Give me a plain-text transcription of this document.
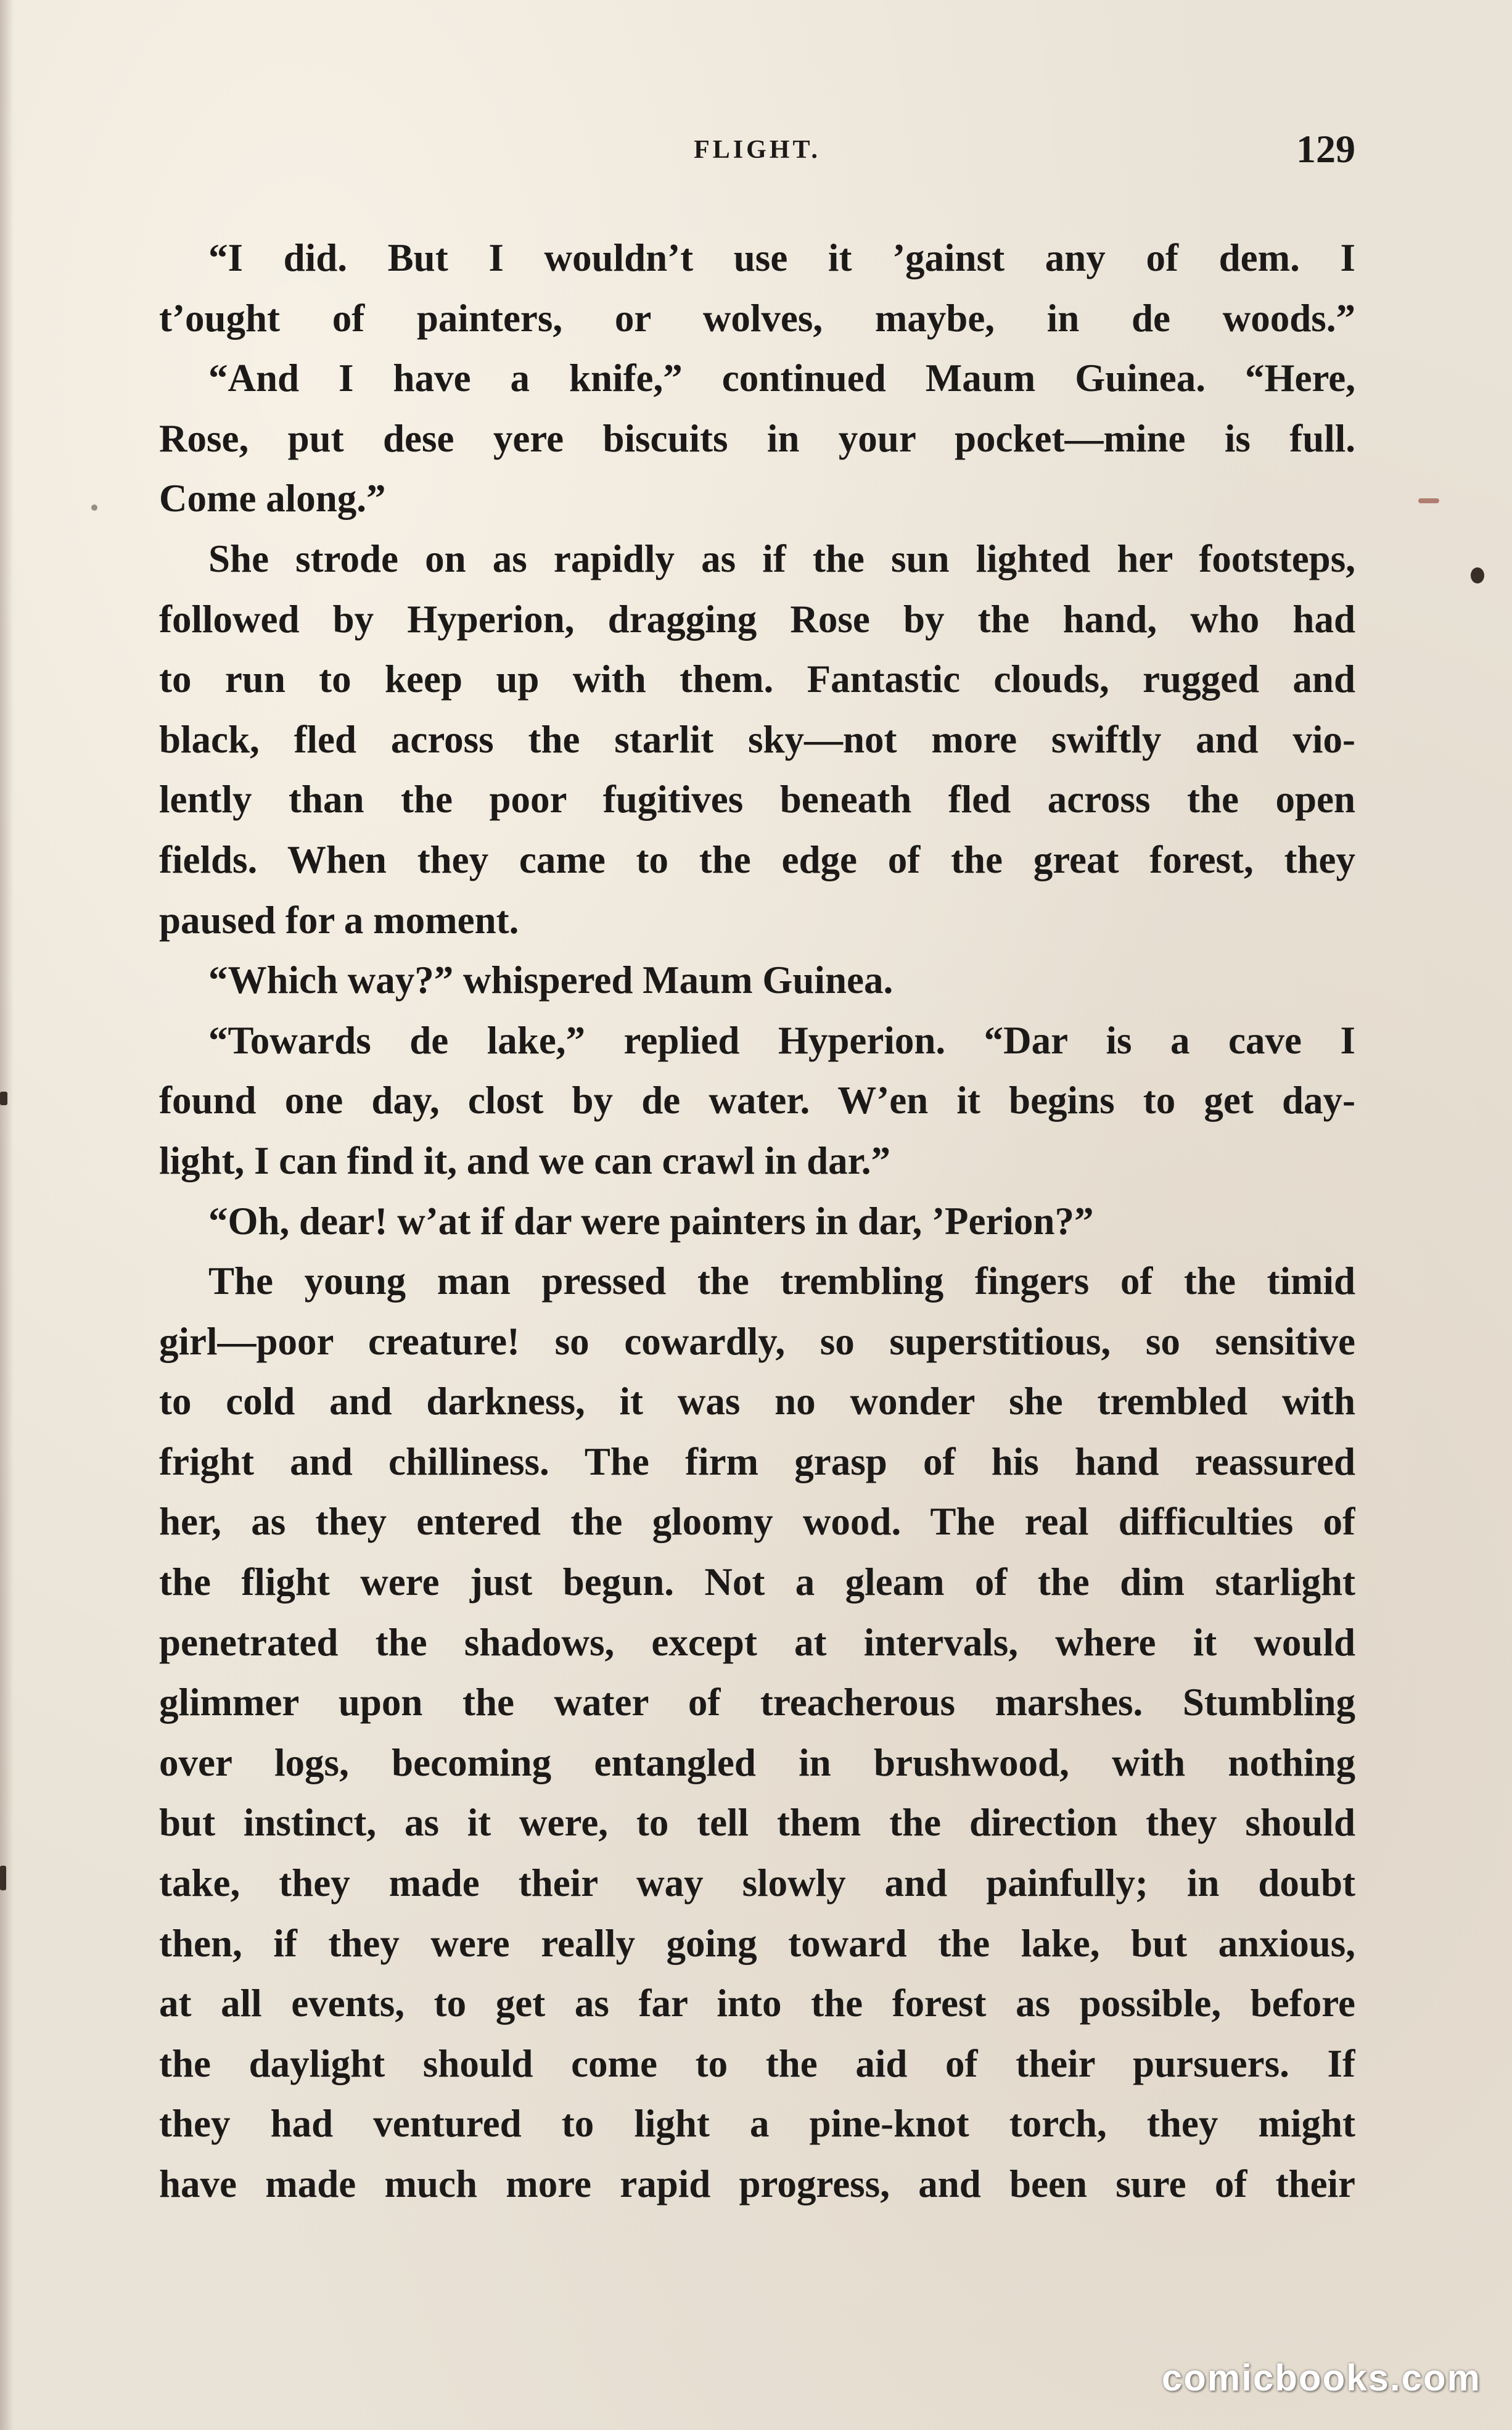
FLIGHT.	129
“I did. But I wouldn’t use it ’gainst any of dem. I
t’ought of painters, or wolves, maybe, in de woods.”
“And I have a knife,” continued Maum Guinea. “Here,
Rose, put dese yere biscuits in your pocket—mine is full.
Come along.”
She strode on as rapidly as if the sun lighted her footsteps,
followed by Hyperion, dragging Rose by the hand, who had
to run to keep up with them. Fantastic clouds, rugged and
black, fled across the starlit sky—not more swiftly and vio-
lently than the poor fugitives beneath fled across the open
fields. When they came to the edge of the great forest, they
paused for a moment.
“Which way?” whispered Maum Guinea.
“Towards de lake,” replied Hyperion. “Dar is a cave I
found one day, clost by de water. W’en it begins to get day-
light, I can find it, and we can crawl in dar.”
“Oh, dear! w’at if dar were painters in dar, ’Perion?”
The young man pressed the trembling fingers of the timid
girl—poor creature! so cowardly, so superstitious, so sensitive
to cold and darkness, it was no wonder she trembled with
fright and chilliness. The firm grasp of his hand reassured
her, as they entered the gloomy wood. The real difficulties of
the flight were just begun. Not a gleam of the dim starlight
penetrated the shadows, except at intervals, where it would
glimmer upon the water of treacherous marshes. Stumbling
over logs, becoming entangled in brushwood, with nothing
but instinct, as it were, to tell them the direction they should
take, they made their way slowly and painfully; in doubt
then, if they were really going toward the lake, but anxious,
at all events, to get as far into the forest as possible, before
the daylight should come to the aid of their pursuers. If
they had ventured to light a pine-knot torch, they might
have made much more rapid progress, and been sure of their
comicbooks.com
